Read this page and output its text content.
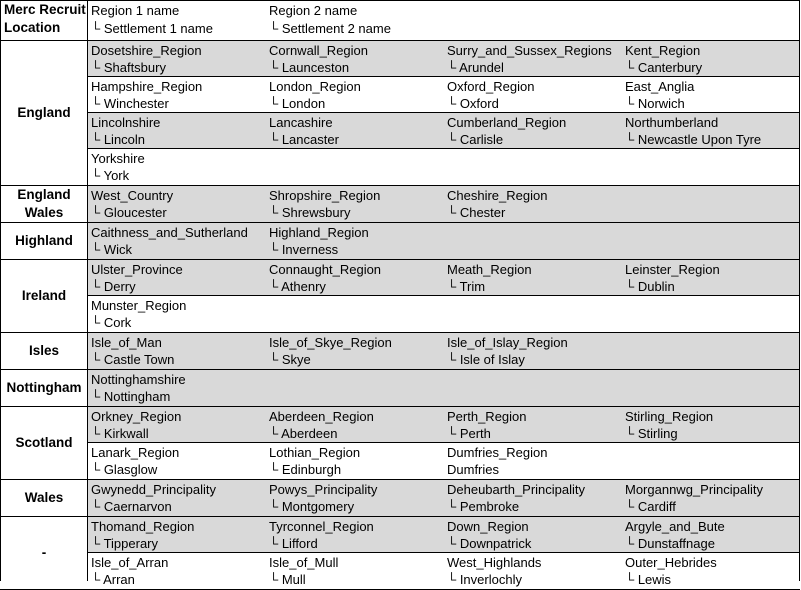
Merc Recruit
Location
Region 1 name
└ Settlement 1 name
Region 2 name
└ Settlement 2 name
Dosetshire_Region
└ Shaftsbury
Cornwall_Region
└ Launceston
Surry_and_Sussex_Regions
└ Arundel
Kent_Region
└ Canterbury
Hampshire_Region
└ Winchester
London_Region
└ London
Oxford_Region
└ Oxford
East_Anglia
└ Norwich
Lincolnshire
└ Lincoln
Lancashire
└ Lancaster
Cumberland_Region
└ Carlisle
Northumberland
└ Newcastle Upon Tyre
Yorkshire
└ York
England
West_Country
└ Gloucester
Shropshire_Region
└ Shrewsbury
Cheshire_Region
└ Chester
England
Wales
Caithness_and_Sutherland
└ Wick
Highland_Region
└ Inverness
Highland
Ulster_Province
└ Derry
Connaught_Region
└ Athenry
Meath_Region
└ Trim
Leinster_Region
└ Dublin
Munster_Region
└ Cork
Ireland
Isle_of_Man
└ Castle Town
Isle_of_Skye_Region
└ Skye
Isle_of_Islay_Region
└ Isle of Islay
Isles
Nottinghamshire
└ Nottingham
Nottingham
Orkney_Region
└ Kirkwall
Aberdeen_Region
└ Aberdeen
Perth_Region
└ Perth
Stirling_Region
└ Stirling
Lanark_Region
└ Glasglow
Lothian_Region
└ Edinburgh
Dumfries_Region
Dumfries
Scotland
Gwynedd_Principality
└ Caernarvon
Powys_Principality
└ Montgomery
Deheubarth_Principality
└ Pembroke
Morgannwg_Principality
└ Cardiff
Wales
Thomand_Region
└ Tipperary
Tyrconnel_Region
└ Lifford
Down_Region
└ Downpatrick
Argyle_and_Bute
└ Dunstaffnage
Isle_of_Arran
└ Arran
Isle_of_Mull
└ Mull
West_Highlands
└ Inverlochly
Outer_Hebrides
└ Lewis
-
